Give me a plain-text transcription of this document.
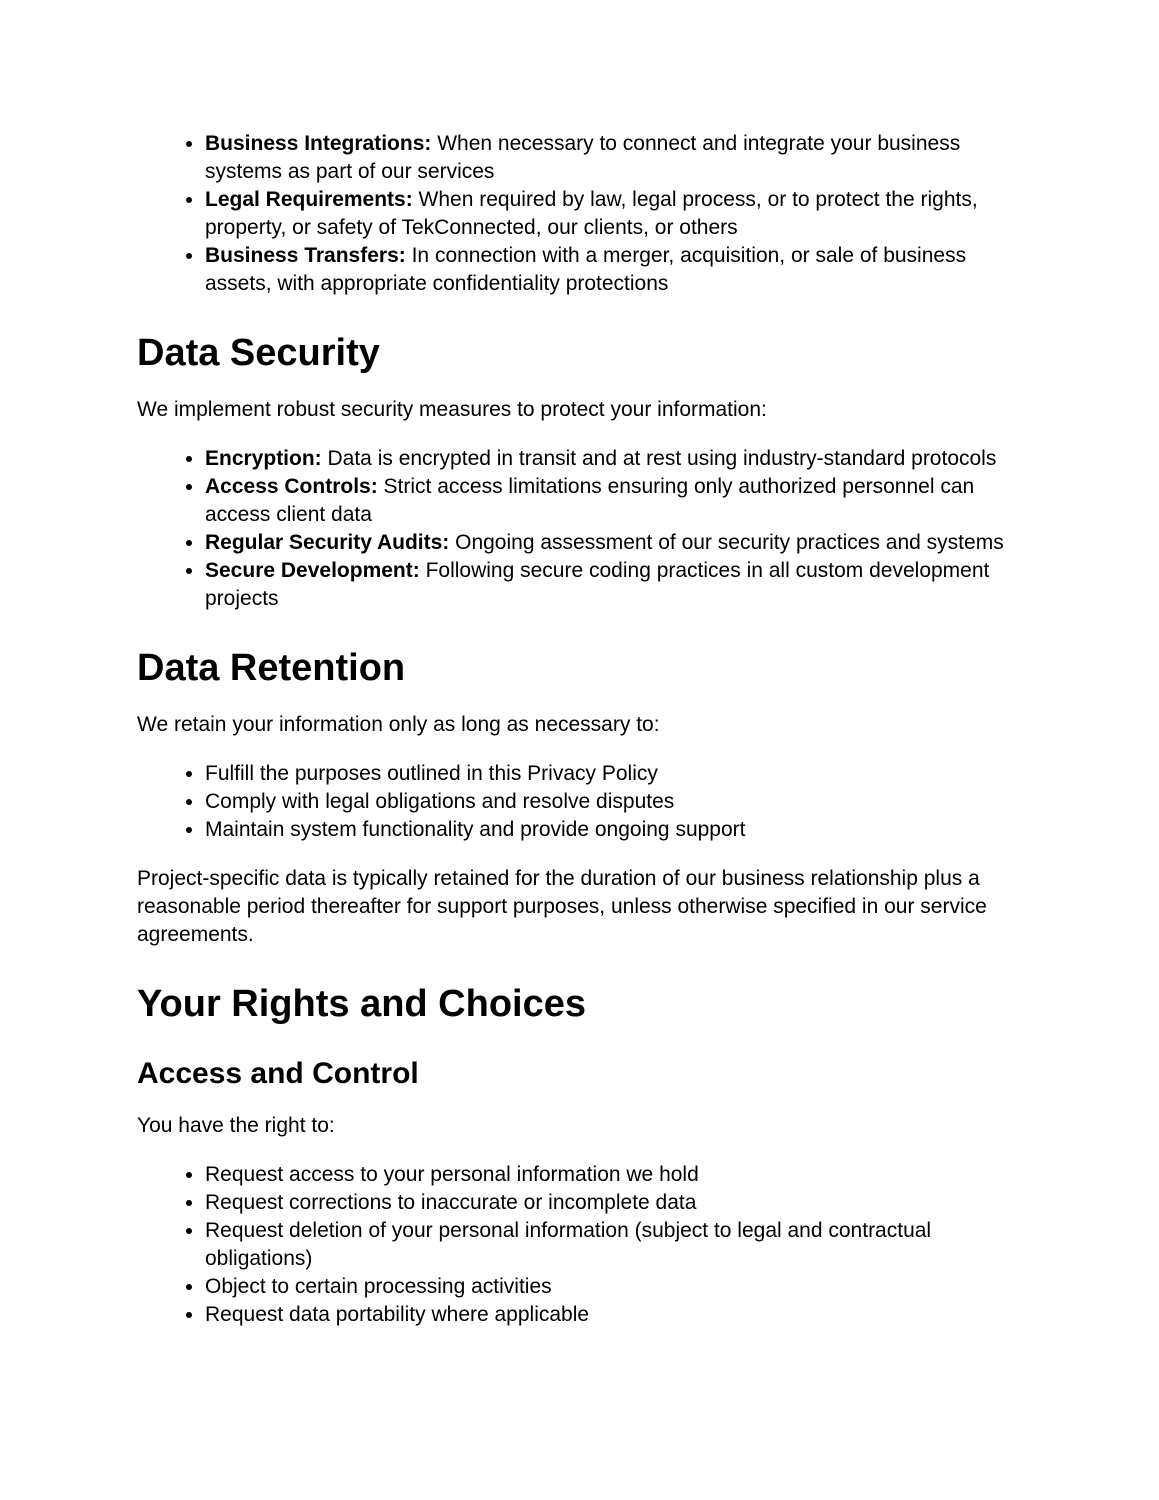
• Business Integrations: When necessary to connect and integrate your business systems as part of our services
• Legal Requirements: When required by law, legal process, or to protect the rights, property, or safety of TekConnected, our clients, or others
• Business Transfers: In connection with a merger, acquisition, or sale of business assets, with appropriate confidentiality protections
Data Security

We implement robust security measures to protect your information:

• Encryption: Data is encrypted in transit and at rest using industry-standard protocols
• Access Controls: Strict access limitations ensuring only authorized personnel can access client data
• Regular Security Audits: Ongoing assessment of our security practices and systems
• Secure Development: Following secure coding practices in all custom development projects
Data Retention

We retain your information only as long as necessary to:

• Fulfill the purposes outlined in this Privacy Policy
• Comply with legal obligations and resolve disputes
• Maintain system functionality and provide ongoing support

Project-specific data is typically retained for the duration of our business relationship plus a reasonable period thereafter for support purposes, unless otherwise specified in our service agreements.

Your Rights and Choices
Access and Control

You have the right to:

• Request access to your personal information we hold
• Request corrections to inaccurate or incomplete data
• Request deletion of your personal information (subject to legal and contractual obligations)
• Object to certain processing activities
• Request data portability where applicable
